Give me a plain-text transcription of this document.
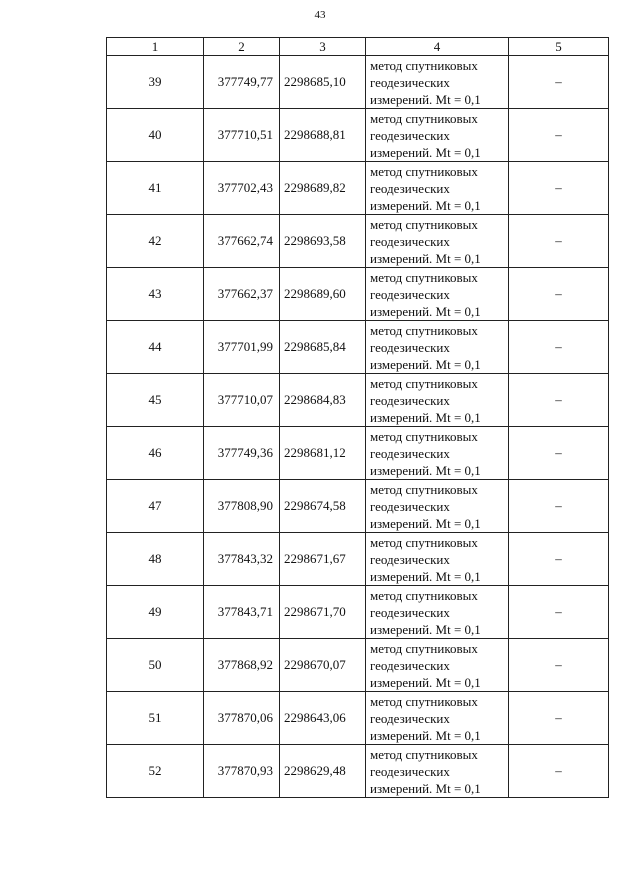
43
1	2	3	4	5
39	377749,77	2298685,10	метод спутниковых
геодезических
измерений. Mt = 0,1	–
40	377710,51	2298688,81	метод спутниковых
геодезических
измерений. Mt = 0,1	–
41	377702,43	2298689,82	метод спутниковых
геодезических
измерений. Mt = 0,1	–
42	377662,74	2298693,58	метод спутниковых
геодезических
измерений. Mt = 0,1	–
43	377662,37	2298689,60	метод спутниковых
геодезических
измерений. Mt = 0,1	–
44	377701,99	2298685,84	метод спутниковых
геодезических
измерений. Mt = 0,1	–
45	377710,07	2298684,83	метод спутниковых
геодезических
измерений. Mt = 0,1	–
46	377749,36	2298681,12	метод спутниковых
геодезических
измерений. Mt = 0,1	–
47	377808,90	2298674,58	метод спутниковых
геодезических
измерений. Mt = 0,1	–
48	377843,32	2298671,67	метод спутниковых
геодезических
измерений. Mt = 0,1	–
49	377843,71	2298671,70	метод спутниковых
геодезических
измерений. Mt = 0,1	–
50	377868,92	2298670,07	метод спутниковых
геодезических
измерений. Mt = 0,1	–
51	377870,06	2298643,06	метод спутниковых
геодезических
измерений. Mt = 0,1	–
52	377870,93	2298629,48	метод спутниковых
геодезических
измерений. Mt = 0,1	–
